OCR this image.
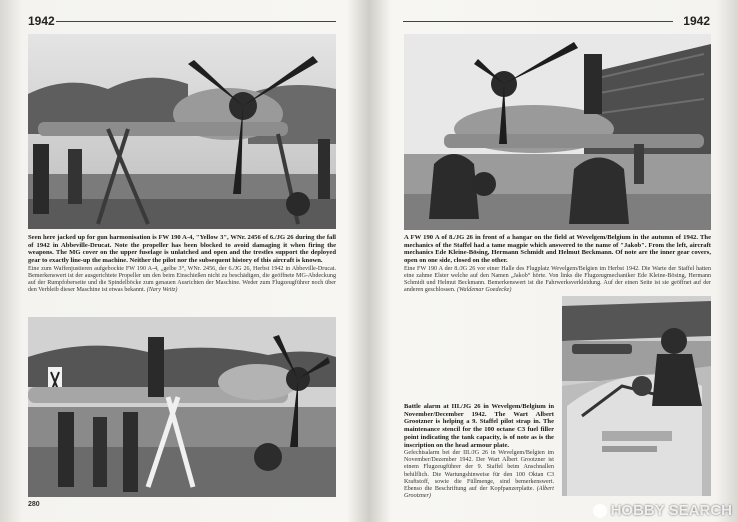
1942
Seen here jacked up for gun harmonisation is FW 190 A-4, "Yellow 3", WNr. 2456 of 6./JG 26 during the fall of 1942 in Abbeville-Drucat. Note the propeller has been blocked to avoid damaging it when firing the weapons. The MG cover on the upper fuselage is unlatched and open and the trestles support the deployed gear to exactly line-up the machine. Neither the pilot nor the subsequent history of this aircraft is known.
Eine zum Waffenjustieren aufgebockte FW 190 A-4, „gelbe 3“, WNr. 2456, der 6./JG 26, Herbst 1942 in Abbeville-Drucat. Bemerkenswert ist der ausgerichtete Propeller um den beim Einschießen nicht zu beschädigen, die geöffnete MG-Abdeckung auf der Rumpfoberseite und die Spindelböcke zum genauen Ausrichten der Maschine. Weder zum Flugzeugführer noch über den Verbleib dieser Maschine ist etwas bekannt. (Nary Weitz)
280
1942
A FW 190 A of 8./JG 26 in front of a hangar on the field at Wevelgem/Belgium in the autumn of 1942. The mechanics of the Staffel had a tame magpie which answered to the name of "Jakob". From the left, aircraft mechanics Ede Kleine-Bösing, Hermann Schmidt and Helmut Beckmann. Of note are the inner gear covers, open on one side, closed on the other.
Eine FW 190 A der 8./JG 26 vor einer Halle des Flugplatz Wevelgem/Belgien im Herbst 1942. Die Warte der Staffel hatten eine zahme Elster welche auf den Namen „Jakob“ hörte. Von links die Flugzeugmechaniker Ede Kleine-Bösing, Hermann Schmidt und Helmut Beckmann. Bemerkenswert ist die Fahrwerksverkleidung. Auf der einen Seite ist sie geöffnet auf der anderen geschlossen. (Waldemar Goedecke)
Battle alarm at III./JG 26 in Wevelgem/Belgium in November/December 1942. The Wart Albert Grootzner is helping a 9. Staffel pilot strap in. The maintenance stencil for the 100 octane C3 fuel filler point indicating the tank capacity, is of note as is the inscription on the head armour plate.
Gefechtsalarm bei der III./JG 26 in Wevelgem/Belgien im November/Dezember 1942. Der Wart Albert Grootzner ist einem Flugzeugführer der 9. Staffel beim Anschnallen behilflich. Die Wartungshinweise für den 100 Oktan C3 Kraftstoff, sowie die Füllmenge, sind bemerkenswert. Ebenso die Beschriftung auf der Kopfpanzerplatte. (Albert Grootzner)
HOBBY SEARCH
